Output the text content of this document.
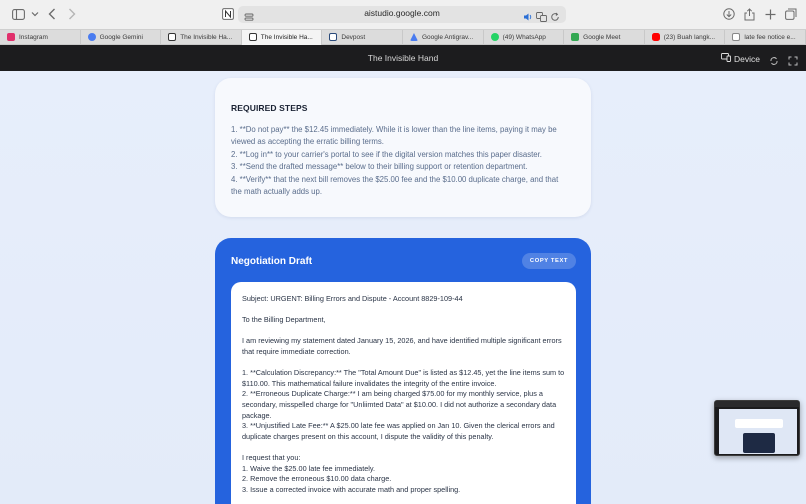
aistudio.google.com
Instagram	Google Gemini	The Invisible Ha...	The Invisible Ha...	Devpost	Google Antigrav...	(49) WhatsApp	Google Meet	(23) Buah langk...	late fee notice e...
The Invisible Hand	Device
REQUIRED STEPS
1. **Do not pay** the $12.45 immediately. While it is lower than the line items, paying it may be viewed as accepting the erratic billing terms.
2. **Log in** to your carrier's portal to see if the digital version matches this paper disaster.
3. **Send the drafted message** below to their billing support or retention department.
4. **Verify** that the next bill removes the $25.00 fee and the $10.00 duplicate charge, and that the math actually adds up.
Negotiation Draft	COPY TEXT

Subject: URGENT: Billing Errors and Dispute - Account 8829-109-44

To the Billing Department,

I am reviewing my statement dated January 15, 2026, and have identified multiple significant errors that require immediate correction.

1. **Calculation Discrepancy:** The "Total Amount Due" is listed as $12.45, yet the line items sum to $110.00. This mathematical failure invalidates the integrity of the entire invoice.
2. **Erroneous Duplicate Charge:** I am being charged $75.00 for my monthly service, plus a secondary, misspelled charge for "Unliimted Data" at $10.00. I did not authorize a secondary data package.
3. **Unjustified Late Fee:** A $25.00 late fee was applied on Jan 10. Given the clerical errors and duplicate charges present on this account, I dispute the validity of this penalty.

I request that you:

1. Waive the $25.00 late fee immediately.
2. Remove the erroneous $10.00 data charge.
3. Issue a corrected invoice with accurate math and proper spelling.
